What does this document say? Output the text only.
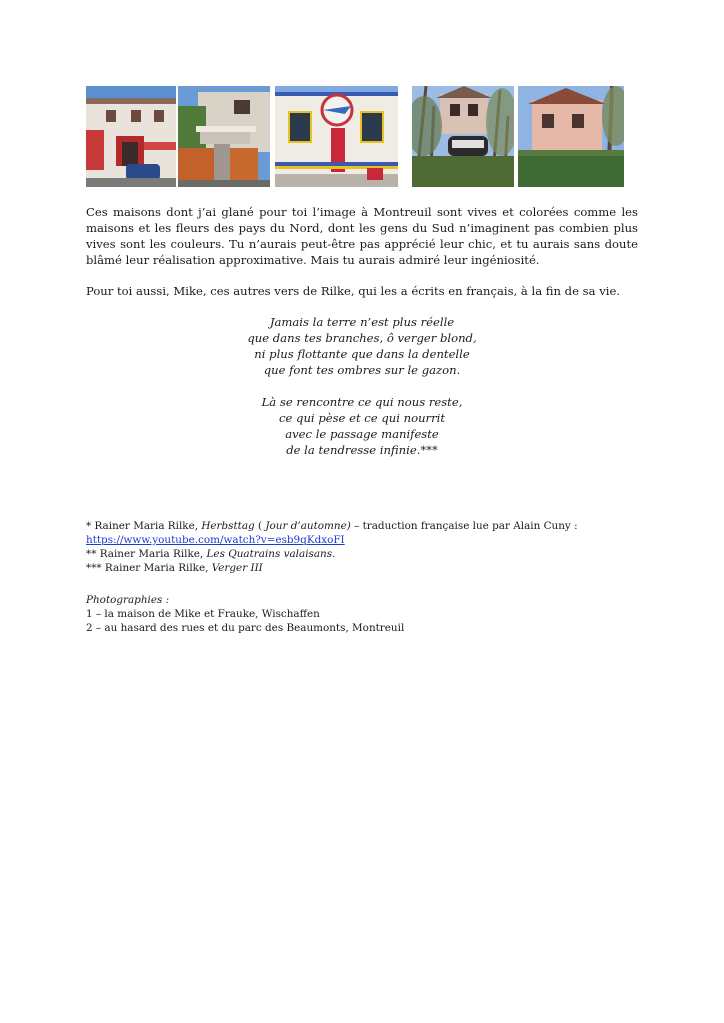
Ces maisons dont j’ai glané pour toi l’image à Montreuil sont vives et colorées comme les maisons et les fleurs des pays du Nord, dont les gens du Sud n’imaginent pas combien plus vives sont les couleurs. Tu n’aurais peut-être pas apprécié leur chic, et tu aurais sans doute blâmé leur réalisation approximative. Mais tu aurais admiré leur ingéniosité.

Pour toi aussi, Mike, ces autres vers de Rilke, qui les a écrits en français, à la fin de sa vie.

Jamais la terre n’est plus réelle
que dans tes branches, ô verger blond,
ni plus flottante que dans la dentelle
que font tes ombres sur le gazon.
Là se rencontre ce qui nous reste,
ce qui pèse et ce qui nourrit
avec le passage manifeste
de la tendresse infinie.***
* Rainer Maria Rilke, Herbsttag ( Jour d’automne) – traduction française lue par Alain Cuny :
https://www.youtube.com/watch?v=esb9qKdxoFI
** Rainer Maria Rilke, Les Quatrains valaisans.
*** Rainer Maria Rilke, Verger III
Photographies :
1 – la maison de Mike et Frauke, Wischaffen
2 – au hasard des rues et du parc des Beaumonts, Montreuil
